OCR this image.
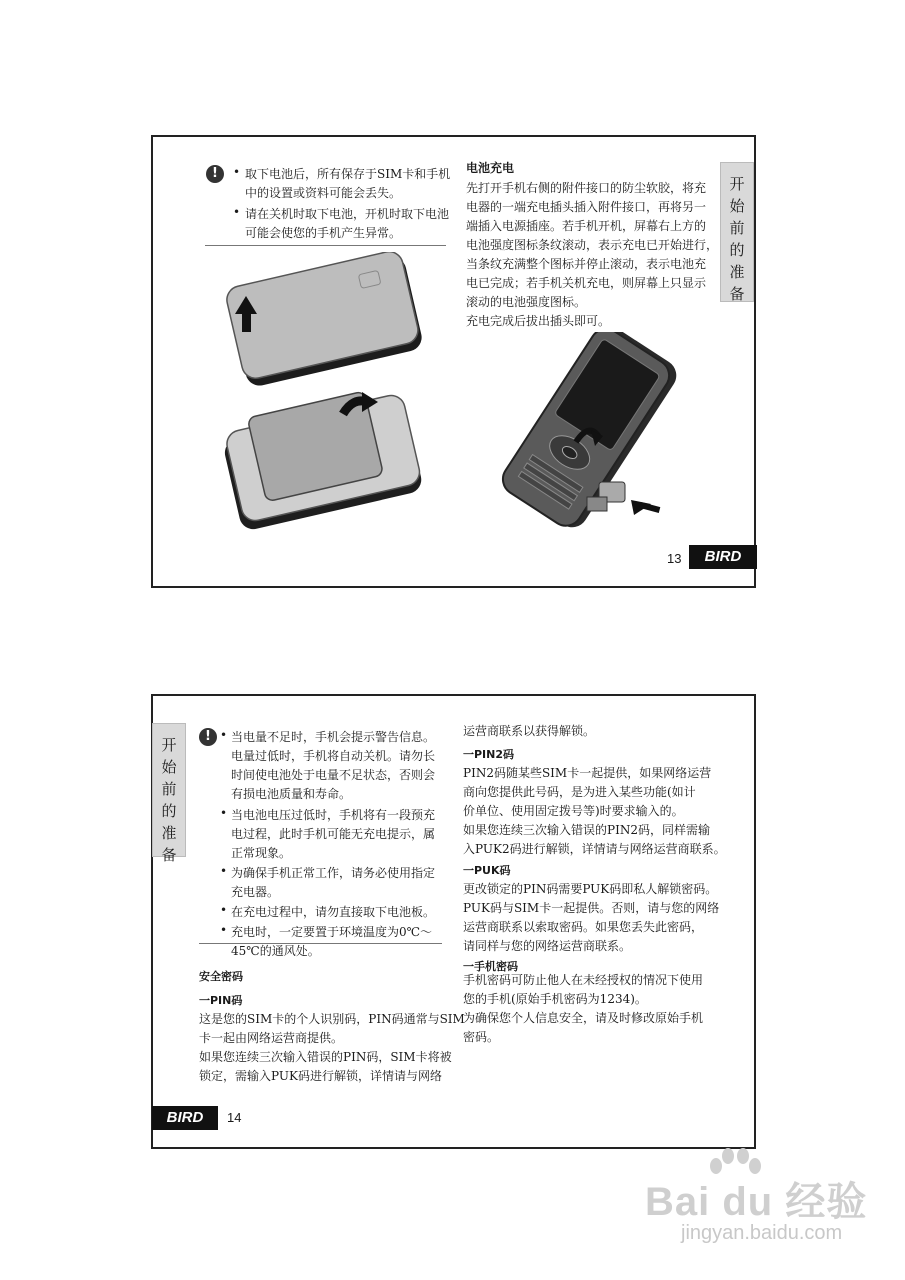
!	• 取下电池后，所有保存于SIM卡和手机
中的设置或资料可能会丢失。
• 请在关机时取下电池，开机时取下电池
可能会使您的手机产生异常。
电池充电
先打开手机右侧的附件接口的防尘软胶，将充
电器的一端充电插头插入附件接口，再将另一
端插入电源插座。若手机开机，屏幕右上方的
电池强度图标条纹滚动，表示充电已开始进行，
当条纹充满整个图标并停止滚动，表示电池充
电已完成；若手机关机充电，则屏幕上只显示
滚动的电池强度图标。
充电完成后拔出插头即可。
开
始
前
的
准
备
13	BIRD
开
始
前
的
准
备
! • 当电量不足时，手机会提示警告信息。
电量过低时，手机将自动关机。请勿长
时间使电池处于电量不足状态，否则会
有损电池质量和寿命。
• 当电池电压过低时，手机将有一段预充
电过程，此时手机可能无充电提示，属
正常现象。
• 为确保手机正常工作，请务必使用指定
充电器。
• 在充电过程中，请勿直接取下电池板。
• 充电时，一定要置于环境温度为0℃～
45℃的通风处。
安全密码
一PIN码
这是您的SIM卡的个人识别码，PIN码通常与SIM
卡一起由网络运营商提供。
如果您连续三次输入错误的PIN码，SIM卡将被
锁定，需输入PUK码进行解锁，详情请与网络
运营商联系以获得解锁。
一PIN2码
PIN2码随某些SIM卡一起提供，如果网络运营
商向您提供此号码，是为进入某些功能(如计
价单位、使用固定拨号等)时要求输入的。
如果您连续三次输入错误的PIN2码，同样需输
入PUK2码进行解锁，详情请与网络运营商联系。
一PUK码
更改锁定的PIN码需要PUK码即私人解锁密码。
PUK码与SIM卡一起提供。否则，请与您的网络
运营商联系以索取密码。如果您丢失此密码，
请同样与您的网络运营商联系。
一手机密码
手机密码可防止他人在未经授权的情况下使用
您的手机(原始手机密码为1234)。
为确保您个人信息安全，请及时修改原始手机
密码。
BIRD	14
Bai du 经验
jingyan.baidu.com
